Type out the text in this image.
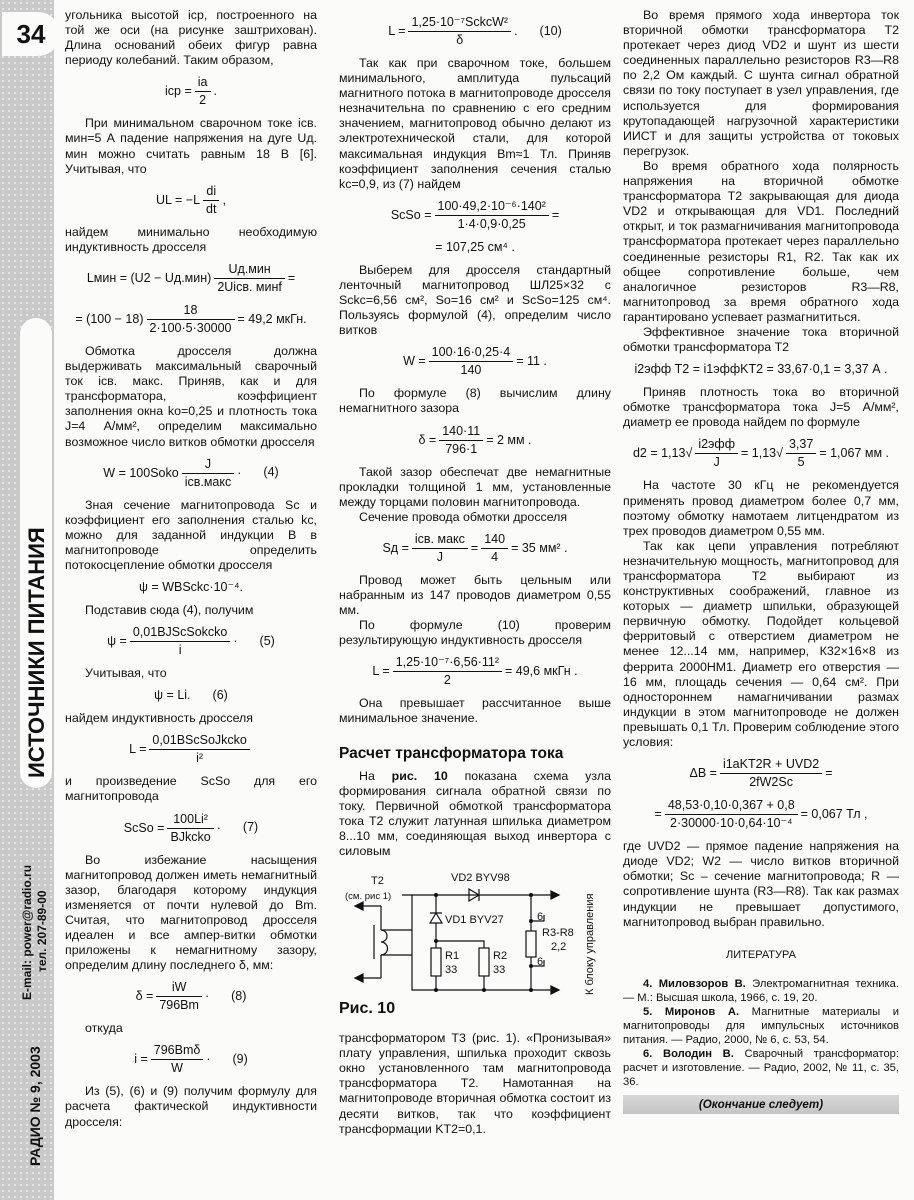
34
ИСТОЧНИКИ ПИТАНИЯ
E-mail: power@radio.ru тел. 207-89-00
РАДИО № 9, 2003

угольника высотой iср, построенного на той же оси (на рисунке заштрихован). Длина оснований обеих фигур равна периоду колебаний. Таким образом,

iср = $\frac{iа}{2}$ .

При минимальном сварочном токе iсв. мин=5 А падение напряжения на дуге Uд. мин можно считать равным 18 В [6]. Учитывая, что

UL = $-L \frac{di}{dt}$ ,

найдем минимально необходимую индуктивность дросселя

Lмин = $(U2 - Uд.мин) \frac{\text{Uд.мин}}{\text{2Uiсв. минf}}$ =
= $(100 - 18) \frac{18}{2\cdot 100\cdot 5\cdot 30000} = 49,2$ мкГн.

Обмотка дросселя должна выдерживать максимальный сварочный ток iсв. макс. Приняв, как и для трансформатора, коэффициент заполнения окна kо=0,25 и плотность тока J=4 А/мм², определим максимально возможное число витков обмотки дросселя

W = 100Sоkо $\frac{J}{\text{iсв.макс}} \cdot (4)$

Зная сечение магнитопровода Sс и коэффициент его заполнения сталью kс, можно для заданной индукции B в магнитопроводе определить потокосцепление обмотки дросселя

ψ = WBSсkс·10⁻⁴.

Подставив сюда (4), получим

$\psi = \frac{\text{0,01BJSсSоkсkо}}{i} \cdot (5)$

Учитывая, что

ψ = Li. (6)

найдем индуктивность дросселя

$L = \frac{\text{0,01BSсSоJkсkо}}{\text{i²}}$

и произведение SсSо для его магнитопровода

SсSо = $\frac{\text{100Li²}}{\text{BJkсkо}} \cdot (7)$

Во избежание насыщения магнитопровод должен иметь немагнитный зазор, благодаря которому индукция изменяется от почти нулевой до Bm. Считая, что магнитопровод дросселя идеален и все ампер-витки обмотки приложены к немагнитному зазору, определим длину последнего δ, мм:

$\delta = \frac{iW}{796Bm} \cdot (8)$

откуда

$i = \frac{\text{796Bmδ}}{W} \cdot (9)$

Из (5), (6) и (9) получим формулу для расчета фактической индуктивности дросселя:

$L = \frac{\text{1,25·10⁻⁷SсkсW²}}{\delta}$ . (10)

Так как при сварочном токе, большем минимального, амплитуда пульсаций магнитного потока в магнитопроводе дросселя незначительна по сравнению с его средним значением, магнитопровод обычно делают из электротехнической стали, для которой максимальная индукция Bm≈1 Тл. Приняв коэффициент заполнения сечения сталью kс=0,9, из (7) найдем

SсSо = $\frac{\text{100·49,2·10⁻⁶·140²}}{1\cdot 4\cdot 0,9\cdot 0,25}$ =
= 107,25 см⁴ .

Выберем для дросселя стандартный ленточный магнитопровод ШЛ25×32 с Sсkс=6,56 см², Sо=16 см² и SсSо=125 см⁴. Пользуясь формулой (4), определим число витков

$W = \frac{100\cdot 16\cdot 0,25\cdot 4}{140} = 11$ .

По формуле (8) вычислим длину немагнитного зазора

$\delta = \frac{140\cdot 11}{796\cdot 1} = 2$ мм .

Такой зазор обеспечат две немагнитные прокладки толщиной 1 мм, установленные между торцами половин магнитопровода.

Сечение провода обмотки дросселя

Sд = $\frac{\text{iсв. макс}}{J} = \frac{140}{4} = 35$ мм² .

Провод может быть цельным или набранным из 147 проводов диаметром 0,55 мм.

По формуле (10) проверим результирующую индуктивность дросселя

$L = \frac{\text{1,25·10⁻⁷·6,56·11²}}{2} = 49,6$ мкГн .

Она превышает рассчитанное выше минимальное значение.

Расчет трансформатора тока

На рис. 10 показана схема узла формирования сигнала обратной связи по току. Первичной обмоткой трансформатора тока Т2 служит латунная шпилька диаметром 8...10 мм, соединяющая выход инвертора с силовым

Т2
(см. рис 1)
VD2 BYV98
VD1 BYV27
R1
33
R2
33
6
6
R3-R8
2,2 К блоку управления
Рис. 10

трансформатором Т3 (рис. 1). «Пронизывая» плату управления, шпилька проходит сквозь окно установленного там магнитопровода трансформатора Т2. Намотанная на магнитопроводе вторичная обмотка состоит из десяти витков, так что коэффициент трансформации KТ2=0,1.

Во время прямого хода инвертора ток вторичной обмотки трансформатора Т2 протекает через диод VD2 и шунт из шести соединенных параллельно резисторов R3—R8 по 2,2 Ом каждый. С шунта сигнал обратной связи по току поступает в узел управления, где используется для формирования крутопадающей нагрузочной характеристики ИИСТ и для защиты устройства от токовых перегрузок.

Во время обратного хода полярность напряжения на вторичной обмотке трансформатора Т2 закрывающая для диода VD2 и открывающая для VD1. Последний открыт, и ток размагничивания магнитопровода трансформатора протекает через параллельно соединенные резисторы R1, R2. Так как их общее сопротивление больше, чем аналогичное резисторов R3—R8, магнитопровод за время обратного хода гарантировано успевает размагнититься.

Эффективное значение тока вторичной обмотки трансформатора Т2

i2эфф Т2 = i1эффKТ2 = 33,67·0,1 = 3,37 А .

Приняв плотность тока во вторичной обмотке трансформатора тока J=5 А/мм², диаметр ее провода найдем по формуле

$d2 = 1,13√ \frac{\text{i2эфф}}{J} = 1,13√ \frac{3,37}{5} = 1,067$ мм .

На частоте 30 кГц не рекомендуется применять провод диаметром более 0,7 мм, поэтому обмотку намотаем литцендратом из трех проводов диаметром 0,55 мм.

Так как цепи управления потребляют незначительную мощность, магнитопровод для трансформатора Т2 выбирают из конструктивных соображений, главное из которых — диаметр шпильки, образующей первичную обмотку. Подойдет кольцевой ферритовый с отверстием диаметром не менее 12...14 мм, например, К32×16×8 из феррита 2000НМ1. Диаметр его отверстия — 16 мм, площадь сечения — 0,64 см². При одностороннем намагничивании размах индукции в этом магнитопроводе не должен превышать 0,1 Тл. Проверим соблюдение этого условия:

$\Delta B = \frac{\text{i1аKТ2R + UVD2}}{2fW2Sс}$ =
= $\frac{48,53\cdot 0,10\cdot 0,367 + 0,8}{\text{2·30000·10·0,64·10⁻⁴}} = 0,067$ Тл ,

где UVD2 — прямое падение напряжения на диоде VD2; W2 — число витков вторичной обмотки; Sс – сечение магнитопровода; R — сопротивление шунта (R3—R8). Так как размах индукции не превышает допустимого, магнитопровод выбран правильно.

ЛИТЕРАТУРА

4. Миловзоров В. Электромагнитная техника. — М.: Высшая школа, 1966, с. 19, 20.

5. Миронов А. Магнитные материалы и магнитопроводы для импульсных источников питания. — Радио, 2000, № 6, с. 53, 54.

6. Володин В. Сварочный трансформатор: расчет и изготовление. — Радио, 2002, № 11, с. 35, 36.

(Окончание следует)
